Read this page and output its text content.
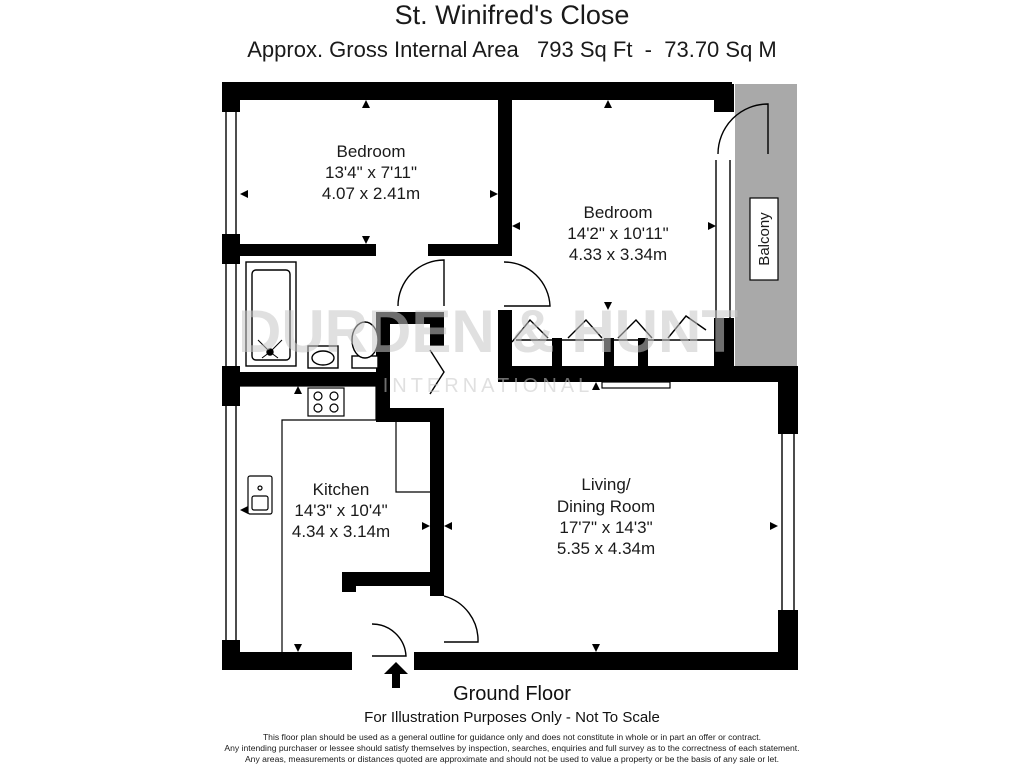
St. Winifred's Close
Approx. Gross Internal Area 793 Sq Ft - 73.70 Sq M
DURDEN & HUNT
INTERNATIONAL
Bedroom
13'4" x 7'11"
4.07 x 2.41m
Bedroom
14'2" x 10'11"
4.33 x 3.34m	Balcony
Kitchen
14'3" x 10'4"
4.34 x 3.14m
Living/
Dining Room
17'7" x 14'3"
5.35 x 4.34m
Ground Floor
For Illustration Purposes Only - Not To Scale
This floor plan should be used as a general outline for guidance only and does not constitute in whole or in part an offer or contract.
Any intending purchaser or lessee should satisfy themselves by inspection, searches, enquiries and full survey as to the correctness of each statement.
Any areas, measurements or distances quoted are approximate and should not be used to value a property or be the basis of any sale or let.
